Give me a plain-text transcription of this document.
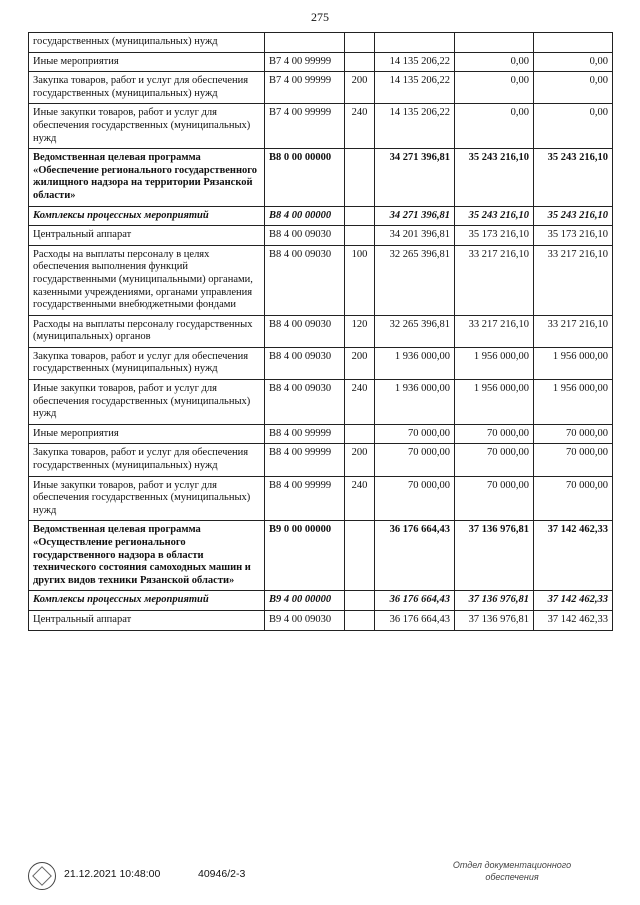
275
государственных (муниципальных) нужд					
Иные мероприятия	В7 4 00 99999		14 135 206,22	0,00	0,00
Закупка товаров, работ и услуг для обеспечения государственных (муниципальных) нужд	В7 4 00 99999	200	14 135 206,22	0,00	0,00
Иные закупки товаров, работ и услуг для обеспечения государственных (муниципальных) нужд	В7 4 00 99999	240	14 135 206,22	0,00	0,00
Ведомственная целевая программа «Обеспечение регионального государственного жилищного надзора на территории Рязанской области»	В8 0 00 00000		34 271 396,81	35 243 216,10	35 243 216,10
Комплексы процессных мероприятий	В8 4 00 00000		34 271 396,81	35 243 216,10	35 243 216,10
Центральный аппарат	В8 4 00 09030		34 201 396,81	35 173 216,10	35 173 216,10
Расходы на выплаты персоналу в целях обеспечения выполнения функций государственными (муниципальными) органами, казенными учреждениями, органами управления государственными внебюджетными фондами	В8 4 00 09030	100	32 265 396,81	33 217 216,10	33 217 216,10
Расходы на выплаты персоналу государственных (муниципальных) органов	В8 4 00 09030	120	32 265 396,81	33 217 216,10	33 217 216,10
Закупка товаров, работ и услуг для обеспечения государственных (муниципальных) нужд	В8 4 00 09030	200	1 936 000,00	1 956 000,00	1 956 000,00
Иные закупки товаров, работ и услуг для обеспечения государственных (муниципальных) нужд	В8 4 00 09030	240	1 936 000,00	1 956 000,00	1 956 000,00
Иные мероприятия	В8 4 00 99999		70 000,00	70 000,00	70 000,00
Закупка товаров, работ и услуг для обеспечения государственных (муниципальных) нужд	В8 4 00 99999	200	70 000,00	70 000,00	70 000,00
Иные закупки товаров, работ и услуг для обеспечения государственных (муниципальных) нужд	В8 4 00 99999	240	70 000,00	70 000,00	70 000,00
Ведомственная целевая программа «Осуществление регионального государственного надзора в области технического состояния самоходных машин и других видов техники Рязанской области»	В9 0 00 00000		36 176 664,43	37 136 976,81	37 142 462,33
Комплексы процессных мероприятий	В9 4 00 00000		36 176 664,43	37 136 976,81	37 142 462,33
Центральный аппарат	В9 4 00 09030		36 176 664,43	37 136 976,81	37 142 462,33
21.12.2021 10:48:00	40946/2-3
Отдел документационного
обеспечения
